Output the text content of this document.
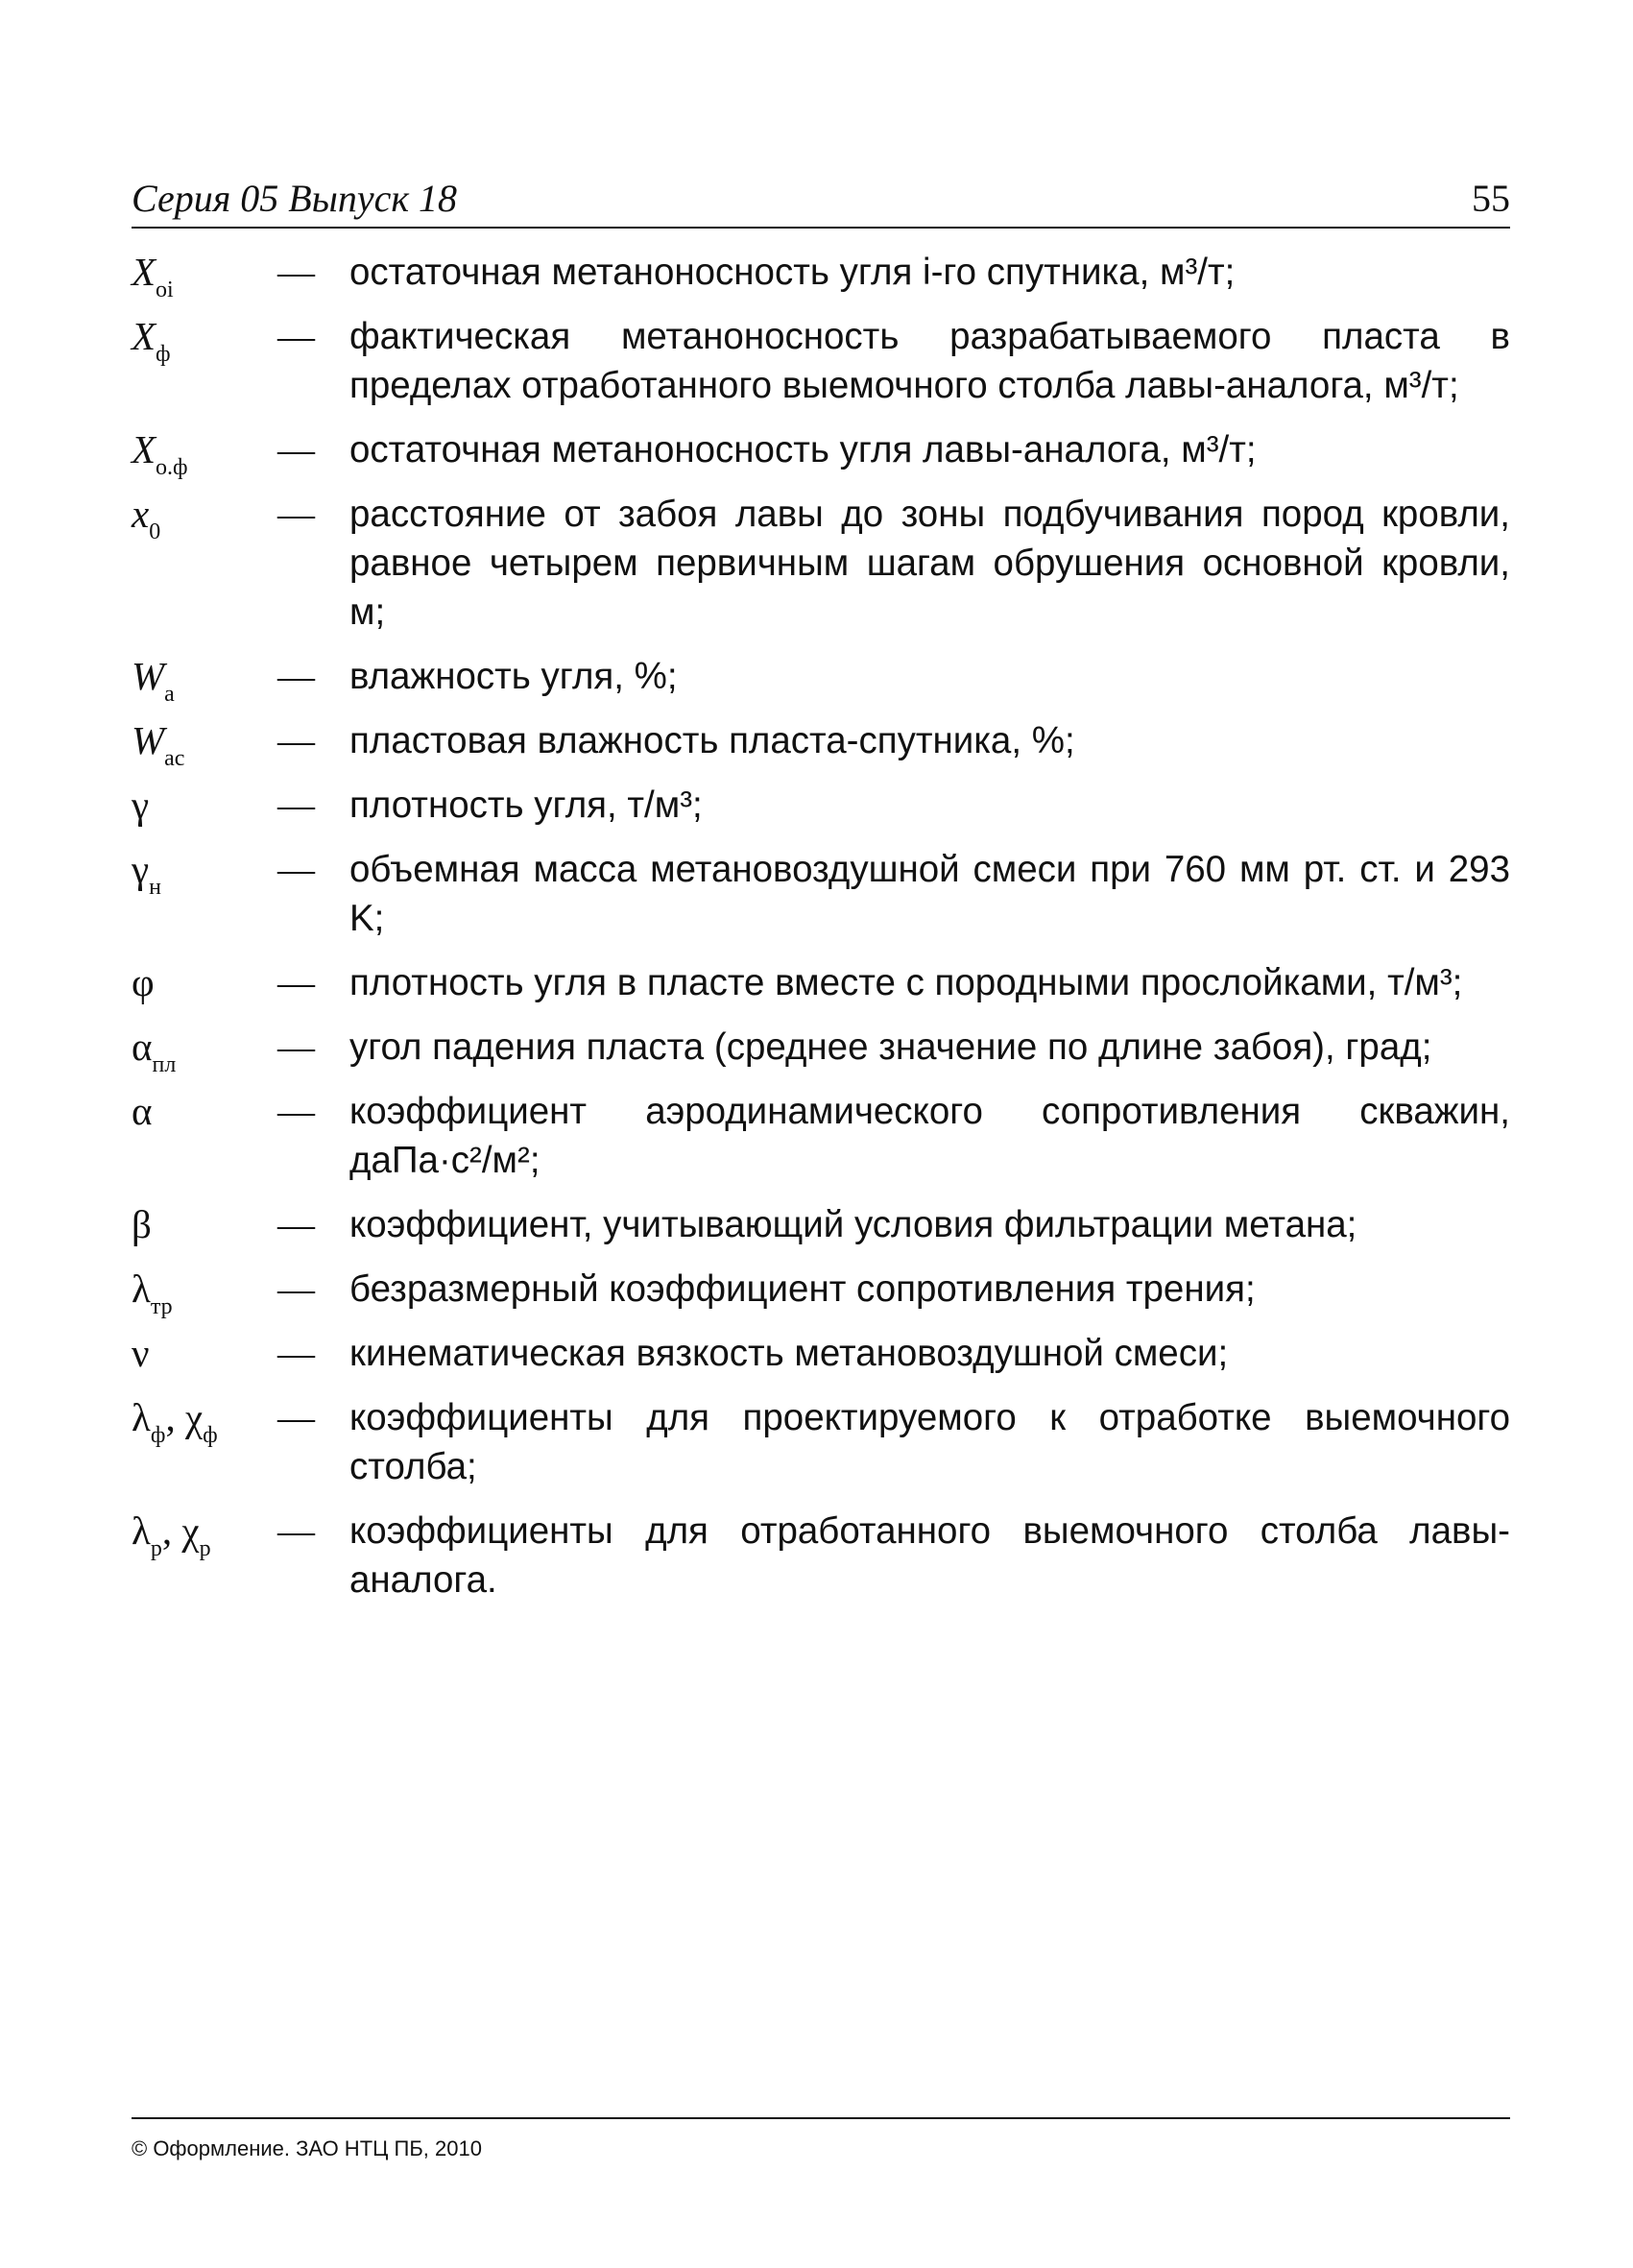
Серия 05 Выпуск 18	55
$X_{oi}$	— остаточная метаноносность угля i-го спутника, м³/т;
$X_ф$	— фактическая метаноносность разрабатываемого пласта в пределах отработанного выемочного столба лавы-аналога, м³/т;
$X_{о.ф}$	— остаточная метаноносность угля лавы-аналога, м³/т;
$x_0$	— расстояние от забоя лавы до зоны подбучивания пород кровли, равное четырем первичным шагам обрушения основной кровли, м;
$W_a$	— влажность угля, %;
$W_{ac}$	— пластовая влажность пласта-спутника, %;
γ	— плотность угля, т/м³;
$\gamma_н$	— объемная масса метановоздушной смеси при 760 мм рт. ст. и 293 K;
φ	— плотность угля в пласте вместе с породными прослойками, т/м³;
$\alpha_{пл}$	— угол падения пласта (среднее значение по длине забоя), град;
α	— коэффициент аэродинамического сопротивления скважин, даПа·с²/м²;
β	— коэффициент, учитывающий условия фильтрации метана;
$\lambda_{тр}$	— безразмерный коэффициент сопротивления трения;
ν	— кинематическая вязкость метановоздушной смеси;
$\lambda_ф$, $\chi_ф$	— коэффициенты для проектируемого к отработке выемочного столба;
$\lambda_р$, $\chi_р$	— коэффициенты для отработанного выемочного столба лавы-аналога.
© Оформление. ЗАО НТЦ ПБ, 2010
